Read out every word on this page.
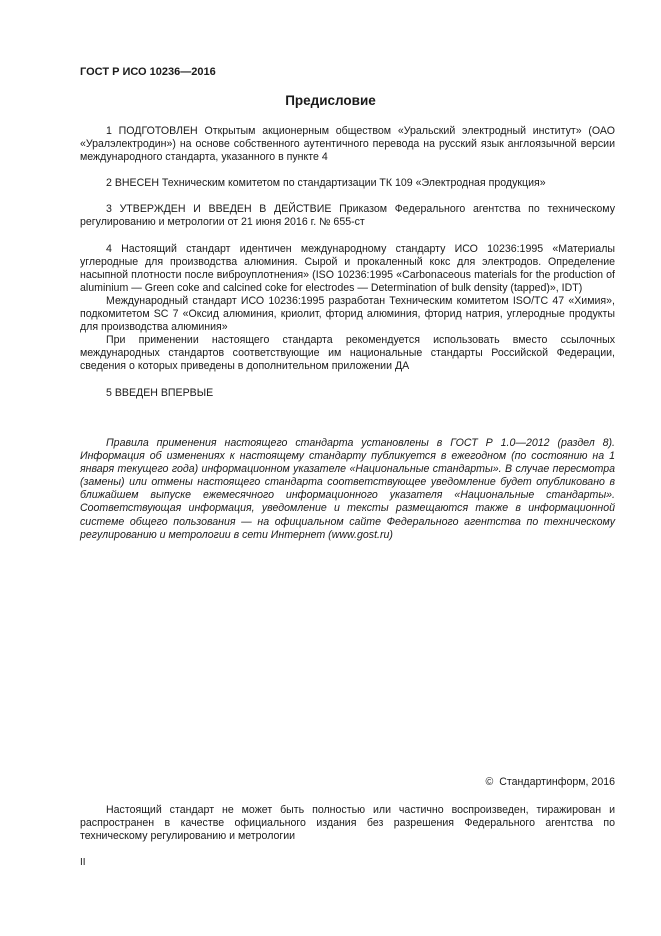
ГОСТ Р ИСО 10236—2016
Предисловие

1 ПОДГОТОВЛЕН Открытым акционерным обществом «Уральский электродный институт» (ОАО «Уралэлектродин») на основе собственного аутентичного перевода на русский язык англоязычной версии международного стандарта, указанного в пункте 4

2 ВНЕСЕН Техническим комитетом по стандартизации ТК 109 «Электродная продукция»

3 УТВЕРЖДЕН И ВВЕДЕН В ДЕЙСТВИЕ Приказом Федерального агентства по техническому регулированию и метрологии от 21 июня 2016 г. № 655-ст

4 Настоящий стандарт идентичен международному стандарту ИСО 10236:1995 «Материалы углеродные для производства алюминия. Сырой и прокаленный кокс для электродов. Определение насыпной плотности после виброуплотнения» (ISO 10236:1995 «Carbonaceous materials for the production of aluminium — Green coke and calcined coke for electrodes — Determination of bulk density (tapped)», IDT)

Международный стандарт ИСО 10236:1995 разработан Техническим комитетом ISO/TC 47 «Химия», подкомитетом SC 7 «Оксид алюминия, криолит, фторид алюминия, фторид натрия, углеродные продукты для производства алюминия»

При применении настоящего стандарта рекомендуется использовать вместо ссылочных международных стандартов соответствующие им национальные стандарты Российской Федерации, сведения о которых приведены в дополнительном приложении ДА

5 ВВЕДЕН ВПЕРВЫЕ

Правила применения настоящего стандарта установлены в ГОСТ Р 1.0—2012 (раздел 8). Информация об изменениях к настоящему стандарту публикуется в ежегодном (по состоянию на 1 января текущего года) информационном указателе «Национальные стандарты». В случае пересмотра (замены) или отмены настоящего стандарта соответствующее уведомление будет опубликовано в ближайшем выпуске ежемесячного информационного указателя «Национальные стандарты». Соответствующая информация, уведомление и тексты размещаются также в информационной системе общего пользования — на официальном сайте Федерального агентства по техническому регулированию и метрологии в сети Интернет (www.gost.ru)

© Стандартинформ, 2016

Настоящий стандарт не может быть полностью или частично воспроизведен, тиражирован и распространен в качестве официального издания без разрешения Федерального агентства по техническому регулированию и метрологии

II
